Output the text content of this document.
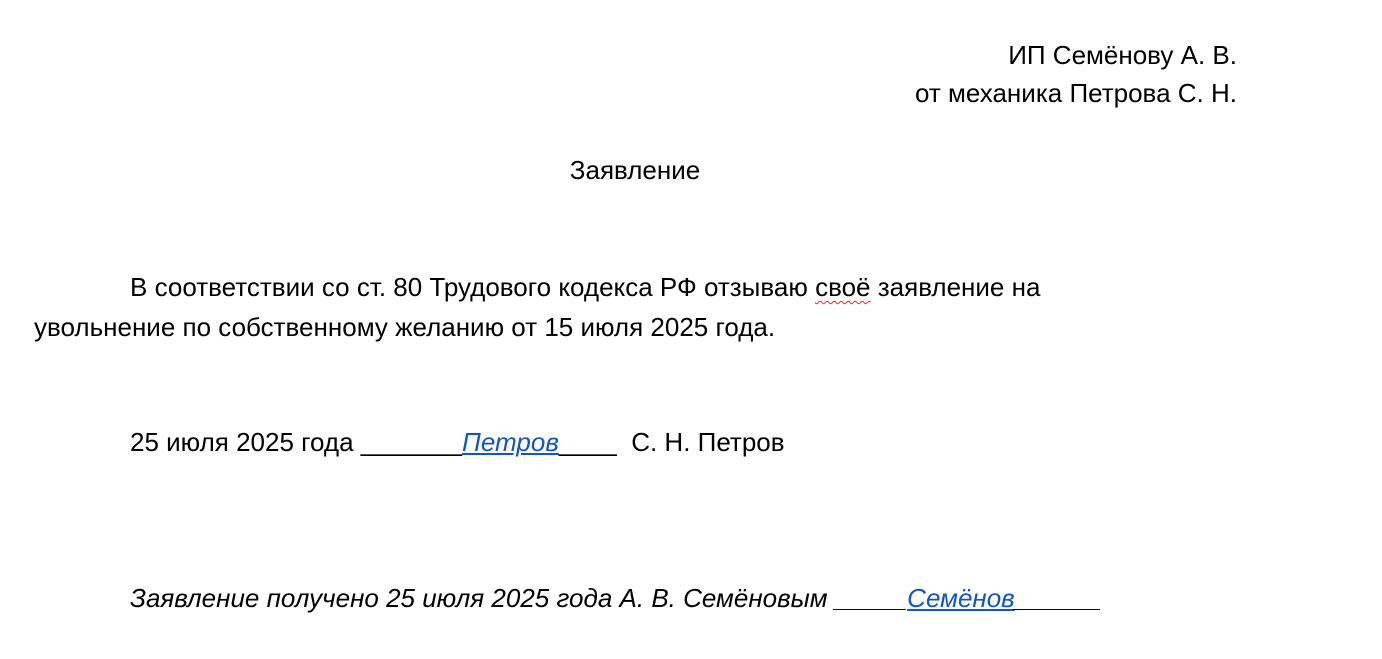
ИП Семёнову А. В.
от механика Петрова С. Н.
Заявление
В соответствии со ст. 80 Трудового кодекса РФ отзываю своё заявление на
увольнение по собственному желанию от 15 июля 2025 года.
25 июля 2025 года _______Петров____  С. Н. Петров
Заявление получено 25 июля 2025 года А. В. Семёновым _____Семёнов______
